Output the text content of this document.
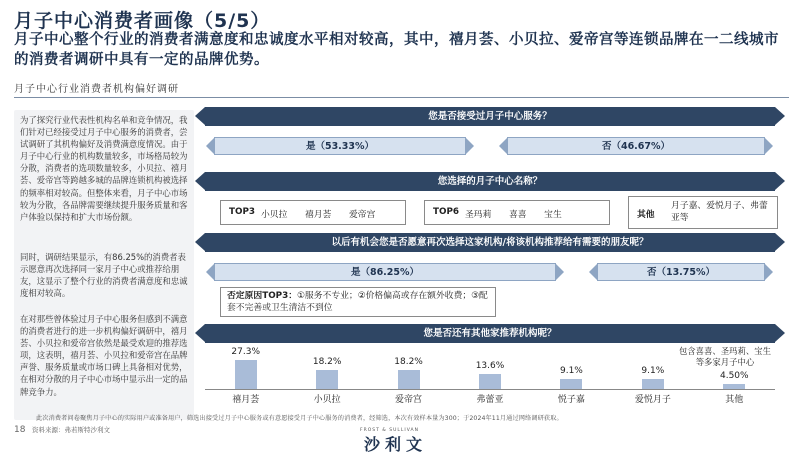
月子中心消费者画像（5/5）
月子中心整个行业的消费者满意度和忠诚度水平相对较高，其中，禧月荟、小贝拉、爱帝宫等连锁品牌在一二线城市的消费者调研中具有一定的品牌优势。
月子中心行业消费者机构偏好调研

为了探究行业代表性机构名单和竞争情况，我们针对已经接受过月子中心服务的消费者，尝试调研了其机构偏好及消费满意度情况。由于月子中心行业的机构数量较多，市场格局较为分散，消费者的选项数量较多，小贝拉、禧月荟、爱帝宫等跨越多城的品牌连锁机构被选择的频率相对较高。但整体来看，月子中心市场较为分散，各品牌需要继续提升服务质量和客户体验以保持和扩大市场份额。

同时，调研结果显示，有86.25%的消费者表示愿意再次选择同一家月子中心或推荐给朋友，这显示了整个行业的消费者满意度和忠诚度相对较高。

在对那些曾体验过月子中心服务但感到不满意的消费者进行的进一步机构偏好调研中，禧月荟、小贝拉和爱帝宫依然是最受欢迎的推荐选项，这表明，禧月荟、小贝拉和爱帝宫在品牌声誉、服务质量或市场口碑上具备相对优势，在相对分散的月子中心市场中显示出一定的品牌竞争力。

您是否接受过月子中心服务？
是（53.33%）	否（46.67%）
您选择的月子中心名称？
TOP3 小贝拉　　禧月荟　　爱帝宫	TOP6 圣玛莉　　喜喜　　宝生	其他
月子嘉、爱悦月子、弗蕾亚等
以后有机会您是否愿意再次选择这家机构/将该机构推荐给有需要的朋友呢？
是（86.25%）	否（13.75%）
否定原因TOP3：①服务不专业；②价格偏高或存在额外收费；③配套不完善或卫生清洁不到位
您是否还有其他家推荐机构呢？
27.3%
禧月荟
18.2%
小贝拉
18.2%
爱帝宫
13.6%
弗蕾亚
9.1%
悦子嘉
9.1%
爱悦月子
4.50%
其他
包含喜喜、圣玛莉、宝生等多家月子中心
此次消费者问卷聚焦月子中心的实际用户或准备用户，筛选出接受过月子中心服务或有意愿接受月子中心服务的消费者，经筛选，本次有效样本量为300；于2024年11月通过网络调研获取。
18 资料来源：弗若斯特沙利文	FROST & SULLIVAN
沙利文
